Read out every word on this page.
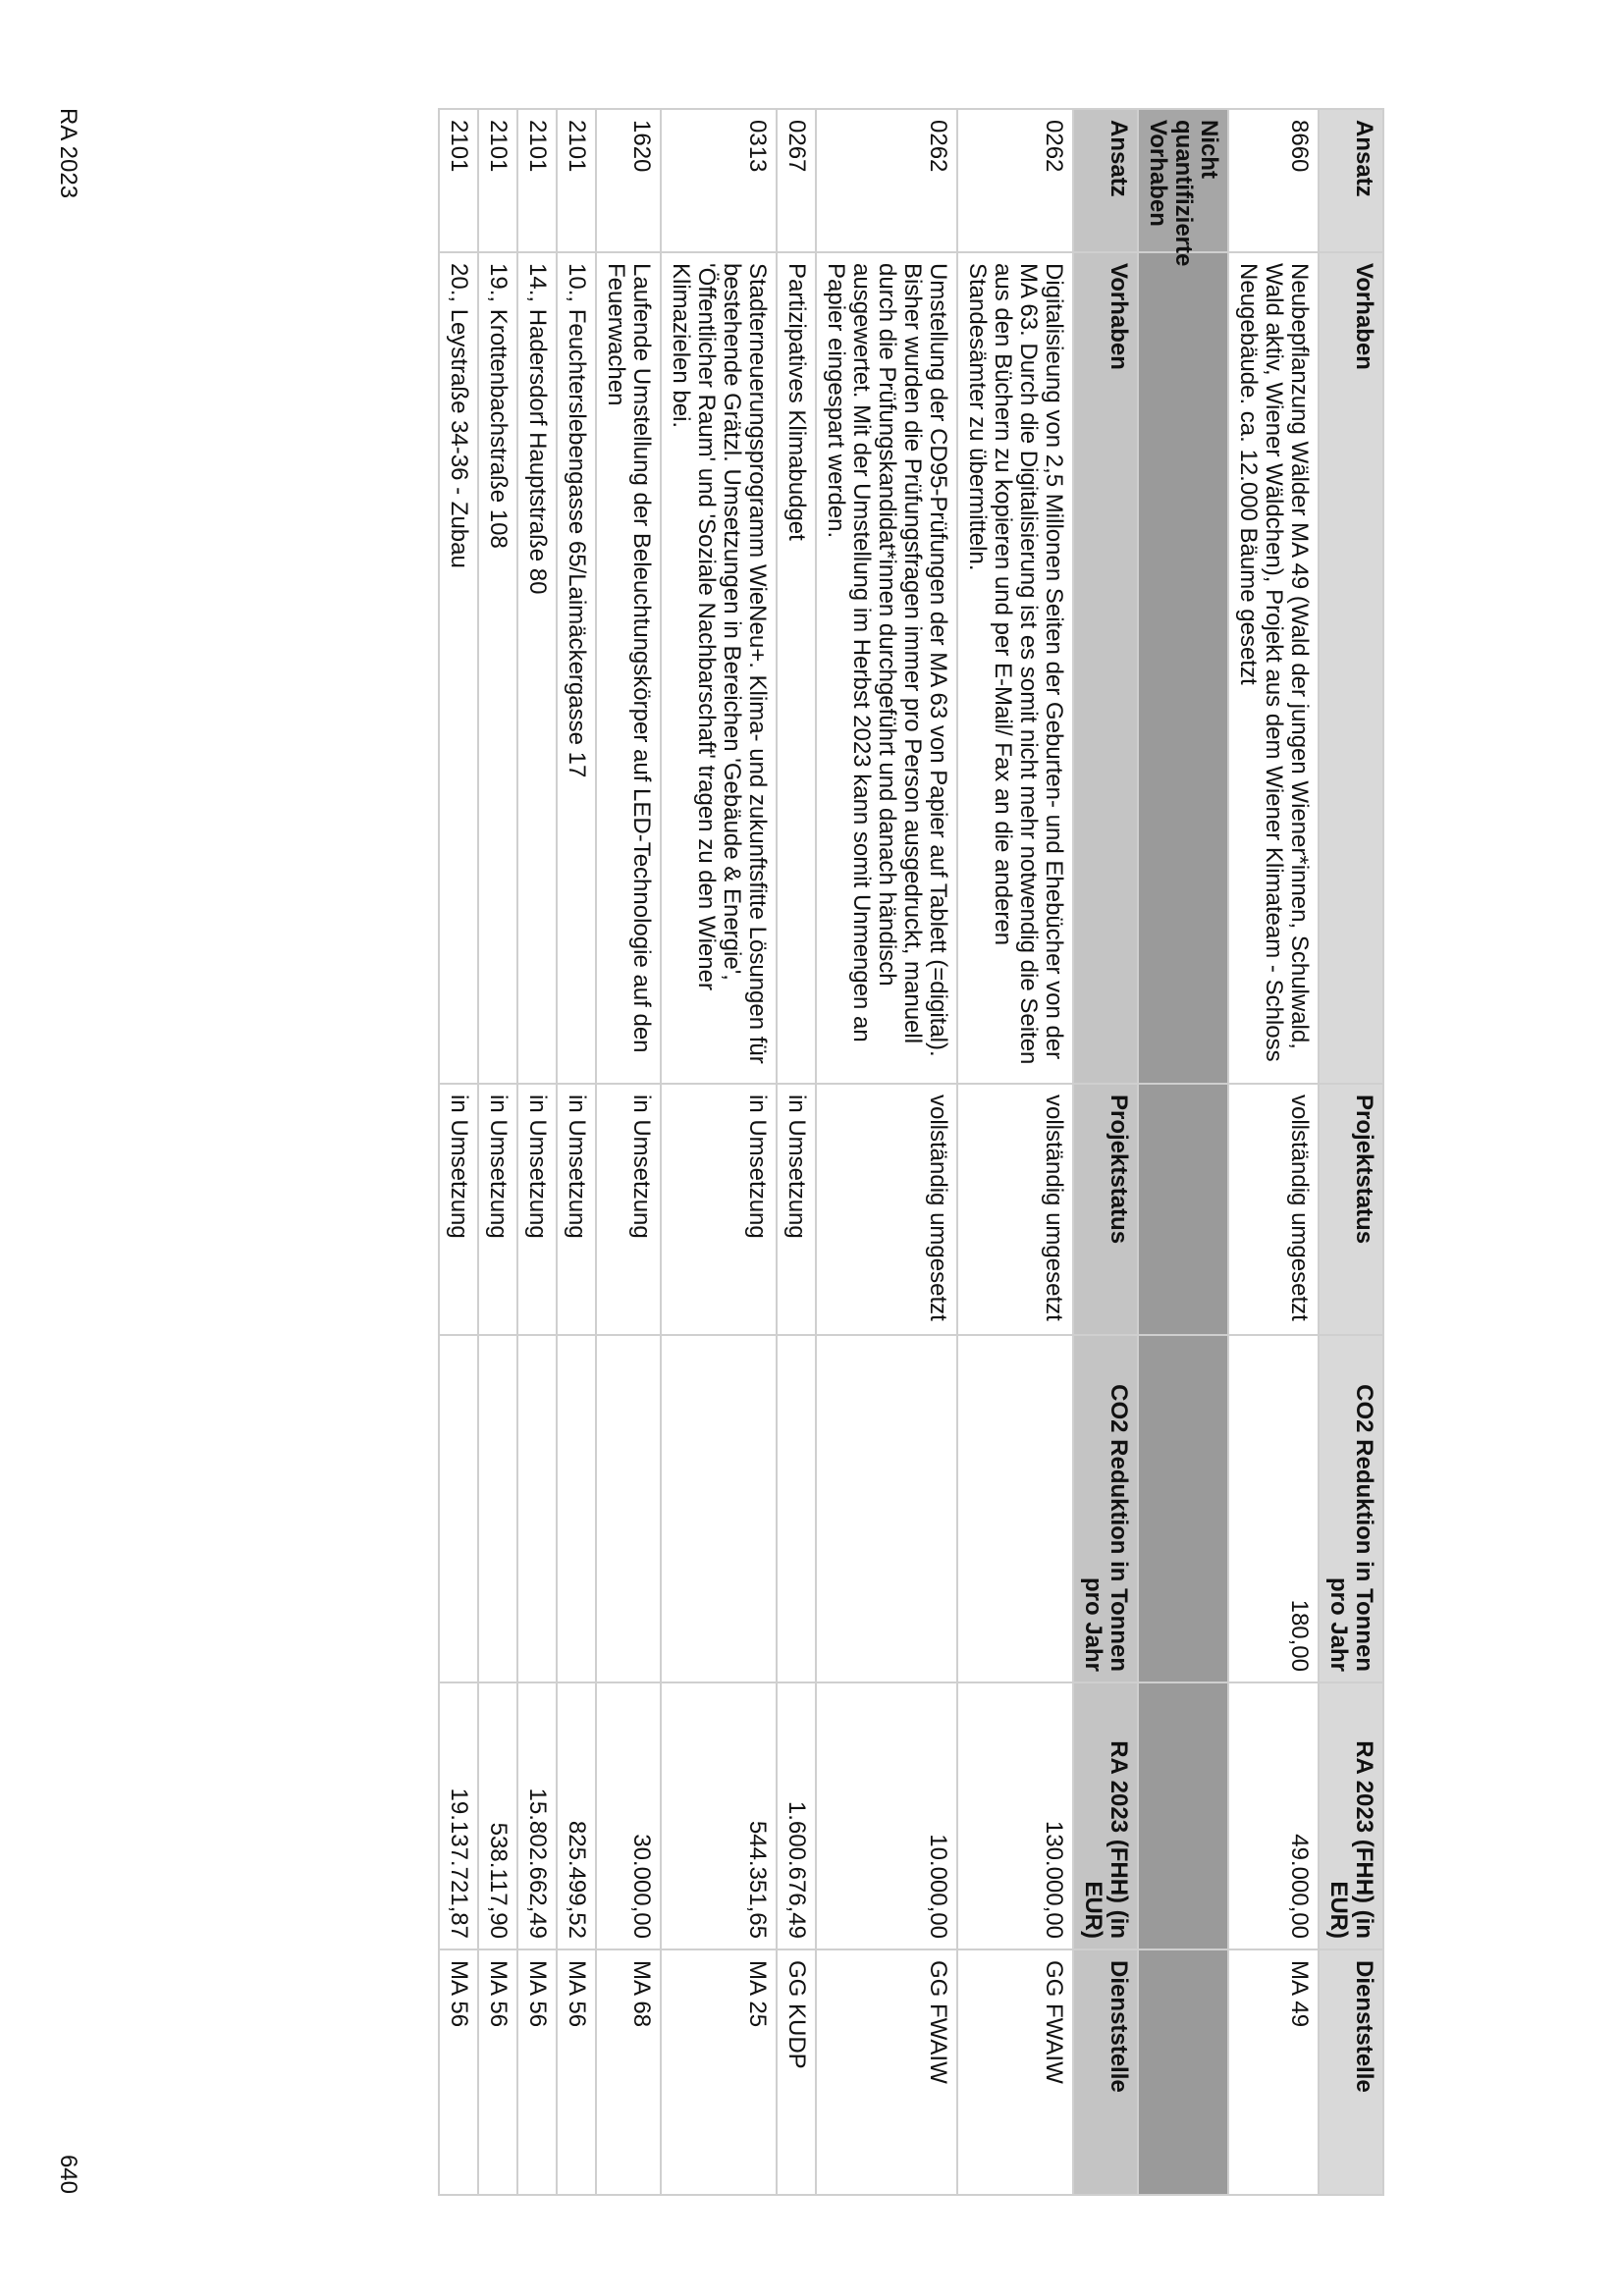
Ansatz	Vorhaben	Projektstatus	CO2 Reduktion in Tonnen pro Jahr	RA 2023 (FHH) (in EUR)	Dienststelle
8660	Neubepflanzung Wälder MA 49 (Wald der jungen Wiener*innen, Schulwald, Wald aktiv, Wiener Wäldchen), Projekt aus dem Wiener Klimateam - Schloss Neugebäude. ca. 12.000 Bäume gesetzt	vollständig umgesetzt	180,00	49.000,00	MA 49
Nicht quantifizierte Vorhaben					
Ansatz	Vorhaben	Projektstatus	CO2 Reduktion in Tonnen pro Jahr	RA 2023 (FHH) (in EUR)	Dienststelle
0262	Digitalisieung von 2,5 Millonen Seiten der Geburten- und Ehebücher von der MA 63. Durch die Digitalisierung ist es somit nicht mehr notwendig die Seiten aus den Büchern zu kopieren und per E-Mail/ Fax an die anderen Standesämter zu übermitteln.	vollständig umgesetzt		130.000,00	GG FWAIW
0262	Umstellung der CD95-Prüfungen der MA 63 von Papier auf Tablett (=digital). Bisher wurden die Prüfungsfragen immer pro Person ausgedruckt, manuell durch die Prüfungskandidat*innen durchgeführt und danach händisch ausgewertet. Mit der Umstellung im Herbst 2023 kann somit Unmengen an Papier eingespart werden.	vollständig umgesetzt		10.000,00	GG FWAIW
0267	Partizipatives Klimabudget	in Umsetzung		1.600.676,49	GG KUDP
0313	Stadterneuerungsprogramm WieNeu+. Klima- und zukunftsfitte Lösungen für bestehende Grätzl. Umsetzungen in Bereichen 'Gebäude & Energie', 'Öffentlicher Raum' und 'Soziale Nachbarschaft' tragen zu den Wiener Klimazielen bei.	in Umsetzung		544.351,65	MA 25
1620	Laufende Umstellung der Beleuchtungskörper auf LED-Technologie auf den Feuerwachen	in Umsetzung		30.000,00	MA 68
2101	10., Feuchterslebengasse 65/Laimäckergasse 17	in Umsetzung		825.499,52	MA 56
2101	14., Hadersdorf Hauptstraße 80	in Umsetzung		15.802.662,49	MA 56
2101	19., Krottenbachstraße 108	in Umsetzung		538.117,90	MA 56
2101	20., Leystraße 34-36 - Zubau	in Umsetzung		19.137.721,87	MA 56
RA 2023
640
